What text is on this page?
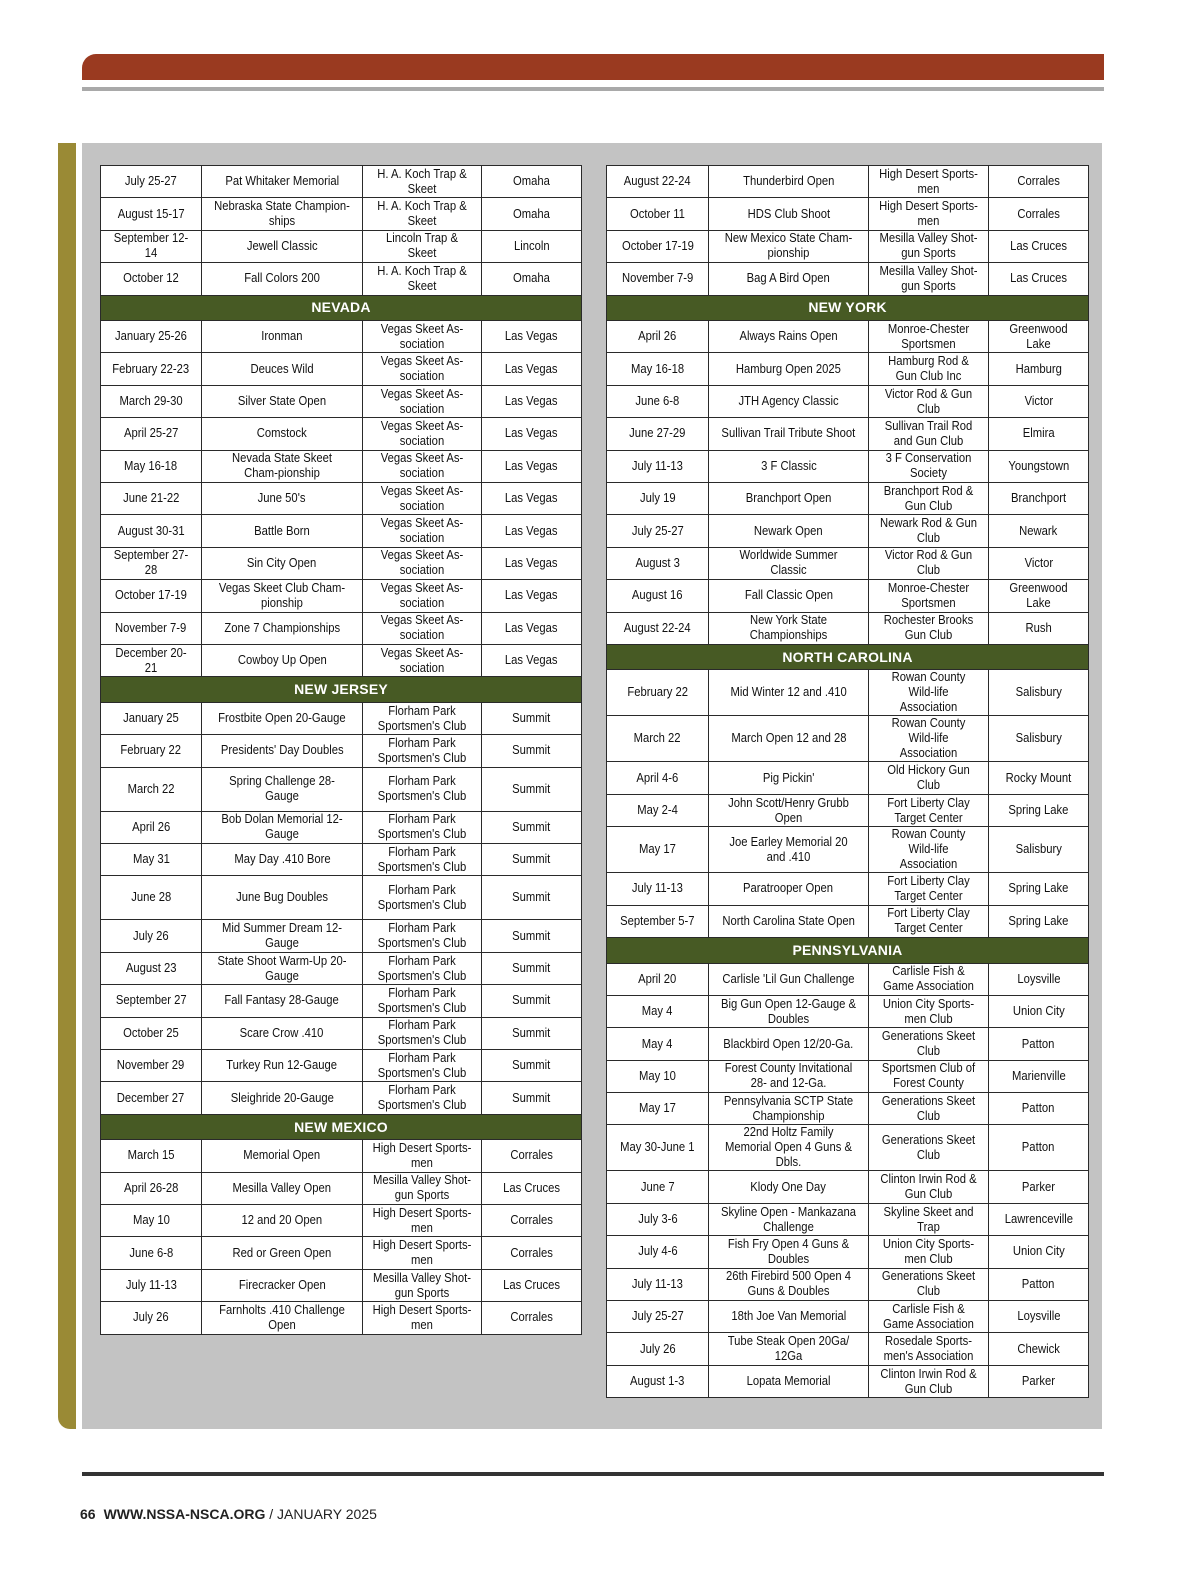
July 25-27	Pat Whitaker Memorial	H. A. Koch Trap & Skeet	Omaha
August 15-17	Nebraska State Champion-ships	H. A. Koch Trap & Skeet	Omaha
September 12-14	Jewell Classic	Lincoln Trap & Skeet	Lincoln
October 12	Fall Colors 200	H. A. Koch Trap & Skeet	Omaha
NEVADA			
January 25-26	Ironman	Vegas Skeet As-sociation	Las Vegas
February 22-23	Deuces Wild	Vegas Skeet As-sociation	Las Vegas
March 29-30	Silver State Open	Vegas Skeet As-sociation	Las Vegas
April 25-27	Comstock	Vegas Skeet As-sociation	Las Vegas
May 16-18	Nevada State Skeet Cham-pionship	Vegas Skeet As-sociation	Las Vegas
June 21-22	June 50's	Vegas Skeet As-sociation	Las Vegas
August 30-31	Battle Born	Vegas Skeet As-sociation	Las Vegas
September 27-28	Sin City Open	Vegas Skeet As-sociation	Las Vegas
October 17-19	Vegas Skeet Club Cham-pionship	Vegas Skeet As-sociation	Las Vegas
November 7-9	Zone 7 Championships	Vegas Skeet As-sociation	Las Vegas
December 20-21	Cowboy Up Open	Vegas Skeet As-sociation	Las Vegas
NEW JERSEY			
January 25	Frostbite Open 20-Gauge	Florham Park Sportsmen's Club	Summit
February 22	Presidents' Day Doubles	Florham Park Sportsmen's Club	Summit
March 22	Spring Challenge 28-Gauge	Florham Park Sportsmen's Club	Summit
April 26	Bob Dolan Memorial 12-Gauge	Florham Park Sportsmen's Club	Summit
May 31	May Day .410 Bore	Florham Park Sportsmen's Club	Summit
June 28	June Bug Doubles	Florham Park Sportsmen's Club	Summit
July 26	Mid Summer Dream 12-Gauge	Florham Park Sportsmen's Club	Summit
August 23	State Shoot Warm-Up 20-Gauge	Florham Park Sportsmen's Club	Summit
September 27	Fall Fantasy 28-Gauge	Florham Park Sportsmen's Club	Summit
October 25	Scare Crow .410	Florham Park Sportsmen's Club	Summit
November 29	Turkey Run 12-Gauge	Florham Park Sportsmen's Club	Summit
December 27	Sleighride 20-Gauge	Florham Park Sportsmen's Club	Summit
NEW MEXICO			
March 15	Memorial Open	High Desert Sports-men	Corrales
April 26-28	Mesilla Valley Open	Mesilla Valley Shot-gun Sports	Las Cruces
May 10	12 and 20 Open	High Desert Sports-men	Corrales
June 6-8	Red or Green Open	High Desert Sports-men	Corrales
July 11-13	Firecracker Open	Mesilla Valley Shot-gun Sports	Las Cruces
July 26	Farnholts .410 Challenge Open	High Desert Sports-men	Corrales
August 22-24	Thunderbird Open	High Desert Sports-men	Corrales
October 11	HDS Club Shoot	High Desert Sports-men	Corrales
October 17-19	New Mexico State Cham-pionship	Mesilla Valley Shot-gun Sports	Las Cruces
November 7-9	Bag A Bird Open	Mesilla Valley Shot-gun Sports	Las Cruces
NEW YORK			
April 26	Always Rains Open	Monroe-Chester Sportsmen	Greenwood Lake
May 16-18	Hamburg Open 2025	Hamburg Rod & Gun Club Inc	Hamburg
June 6-8	JTH Agency Classic	Victor Rod & Gun Club	Victor
June 27-29	Sullivan Trail Tribute Shoot	Sullivan Trail Rod and Gun Club	Elmira
July 11-13	3 F Classic	3 F Conservation Society	Youngstown
July 19	Branchport Open	Branchport Rod & Gun Club	Branchport
July 25-27	Newark Open	Newark Rod & Gun Club	Newark
August 3	Worldwide Summer Classic	Victor Rod & Gun Club	Victor
August 16	Fall Classic Open	Monroe-Chester Sportsmen	Greenwood Lake
August 22-24	New York State Championships	Rochester Brooks Gun Club	Rush
NORTH CAROLINA			
February 22	Mid Winter 12 and .410	Rowan County Wild-life Association	Salisbury
March 22	March Open 12 and 28	Rowan County Wild-life Association	Salisbury
April 4-6	Pig Pickin'	Old Hickory Gun Club	Rocky Mount
May 2-4	John Scott/Henry Grubb Open	Fort Liberty Clay Target Center	Spring Lake
May 17	Joe Earley Memorial 20 and .410	Rowan County Wild-life Association	Salisbury
July 11-13	Paratrooper Open	Fort Liberty Clay Target Center	Spring Lake
September 5-7	North Carolina State Open	Fort Liberty Clay Target Center	Spring Lake
PENNSYLVANIA			
April 20	Carlisle 'Lil Gun Challenge	Carlisle Fish & Game Association	Loysville
May 4	Big Gun Open 12-Gauge & Doubles	Union City Sports-men Club	Union City
May 4	Blackbird Open 12/20-Ga.	Generations Skeet Club	Patton
May 10	Forest County Invitational 28- and 12-Ga.	Sportsmen Club of Forest County	Marienville
May 17	Pennsylvania SCTP State Championship	Generations Skeet Club	Patton
May 30-June 1	22nd Holtz Family Memorial Open 4 Guns & Dbls.	Generations Skeet Club	Patton
June 7	Klody One Day	Clinton Irwin Rod & Gun Club	Parker
July 3-6	Skyline Open - Mankazana Challenge	Skyline Skeet and Trap	Lawrenceville
July 4-6	Fish Fry Open 4 Guns & Doubles	Union City Sports-men Club	Union City
July 11-13	26th Firebird 500 Open 4 Guns & Doubles	Generations Skeet Club	Patton
July 25-27	18th Joe Van Memorial	Carlisle Fish & Game Association	Loysville
July 26	Tube Steak Open 20Ga/ 12Ga	Rosedale Sports-men's Association	Chewick
August 1-3	Lopata Memorial	Clinton Irwin Rod & Gun Club	Parker
66 WWW.NSSA-NSCA.ORG / JANUARY 2025
